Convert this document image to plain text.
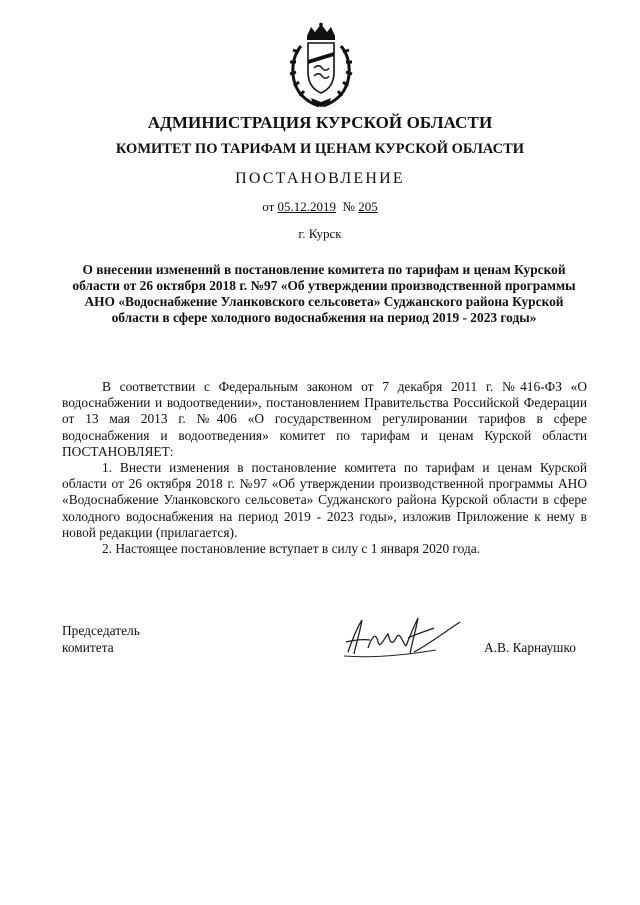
АДМИНИСТРАЦИЯ КУРСКОЙ ОБЛАСТИ
КОМИТЕТ ПО ТАРИФАМ И ЦЕНАМ КУРСКОЙ ОБЛАСТИ
ПОСТАНОВЛЕНИЕ
от 05.12.2019 № 205
г. Курск
О внесении изменений в постановление комитета по тарифам и ценам Курской области от 26 октября 2018 г. №97 «Об утверждении производственной программы АНО «Водоснабжение Уланковского сельсовета» Суджанского района Курской области в сфере холодного водоснабжения на период 2019 - 2023 годы»

В соответствии с Федеральным законом от 7 декабря 2011 г. №416-ФЗ «О водоснабжении и водоотведении», постановлением Правительства Российской Федерации от 13 мая 2013 г. №406 «О государственном регулировании тарифов в сфере водоснабжения и водоотведения» комитет по тарифам и ценам Курской области ПОСТАНОВЛЯЕТ:

1. Внести изменения в постановление комитета по тарифам и ценам Курской области от 26 октября 2018 г. №97 «Об утверждении производственной программы АНО «Водоснабжение Уланковского сельсовета» Суджанского района Курской области в сфере холодного водоснабжения на период 2019 - 2023 годы», изложив Приложение к нему в новой редакции (прилагается).

2. Настоящее постановление вступает в силу с 1 января 2020 года.

Председатель
комитета	А.В. Карнаушко
